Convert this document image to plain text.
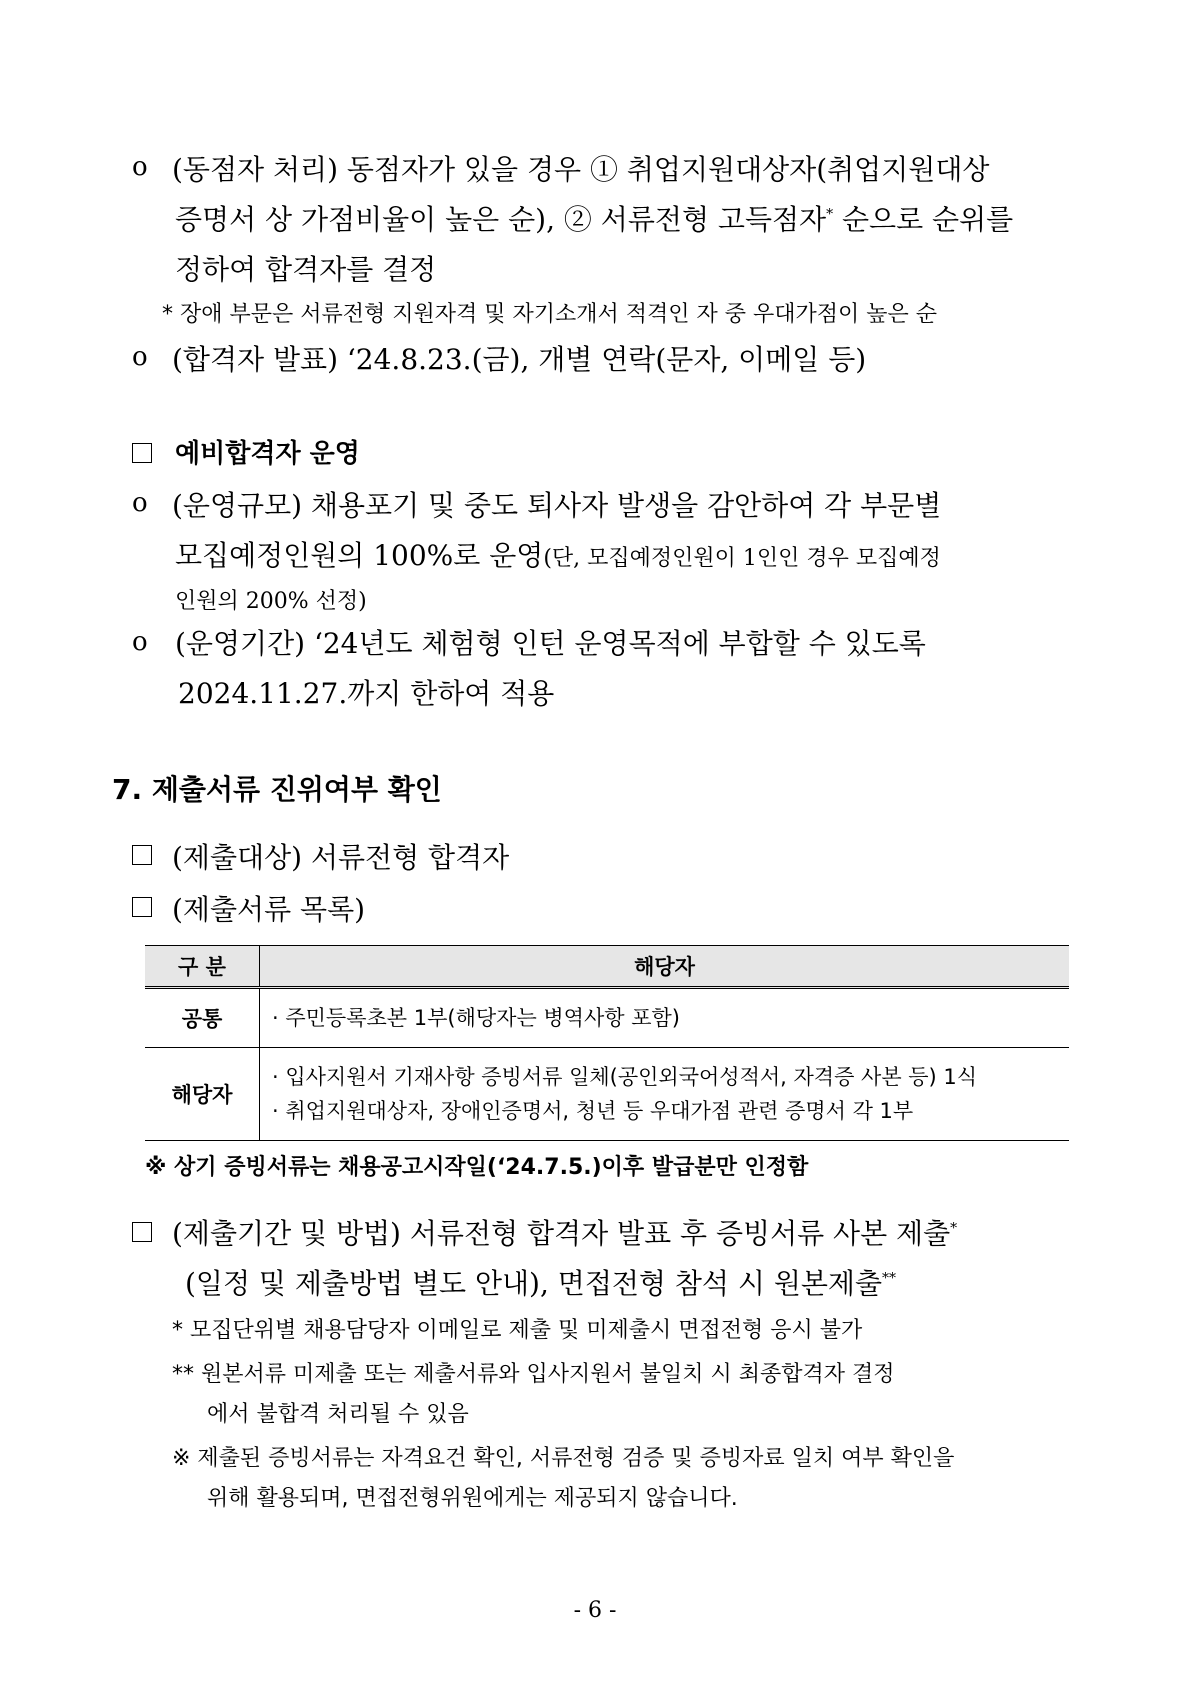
o (동점자 처리) 동점자가 있을 경우 ① 취업지원대상자(취업지원대상
증명서 상 가점비율이 높은 순), ② 서류전형 고득점자* 순으로 순위를
정하여 합격자를 결정
* 장애 부문은 서류전형 지원자격 및 자기소개서 적격인 자 중 우대가점이 높은 순
o (합격자 발표) ‘24.8.23.(금), 개별 연락(문자, 이메일 등)
예비합격자 운영
o (운영규모) 채용포기 및 중도 퇴사자 발생을 감안하여 각 부문별
모집예정인원의 100%로 운영(단, 모집예정인원이 1인인 경우 모집예정
인원의 200% 선정)
o (운영기간) ‘24년도 체험형 인턴 운영목적에 부합할 수 있도록
2024.11.27.까지 한하여 적용
7. 제출서류 진위여부 확인
(제출대상) 서류전형 합격자
(제출서류 목록)
구 분	해당자
공통	· 주민등록초본 1부(해당자는 병역사항 포함)

해당자	· 입사지원서 기재사항 증빙서류 일체(공인외국어성적서, 자격증 사본 등) 1식
· 취업지원대상자, 장애인증명서, 청년 등 우대가점 관련 증명서 각 1부
※ 상기 증빙서류는 채용공고시작일(‘24.7.5.)이후 발급분만 인정함
(제출기간 및 방법) 서류전형 합격자 발표 후 증빙서류 사본 제출*
(일정 및 제출방법 별도 안내), 면접전형 참석 시 원본제출**
* 모집단위별 채용담당자 이메일로 제출 및 미제출시 면접전형 응시 불가
** 원본서류 미제출 또는 제출서류와 입사지원서 불일치 시 최종합격자 결정
에서 불합격 처리될 수 있음
※ 제출된 증빙서류는 자격요건 확인, 서류전형 검증 및 증빙자료 일치 여부 확인을
위해 활용되며, 면접전형위원에게는 제공되지 않습니다.
- 6 -
